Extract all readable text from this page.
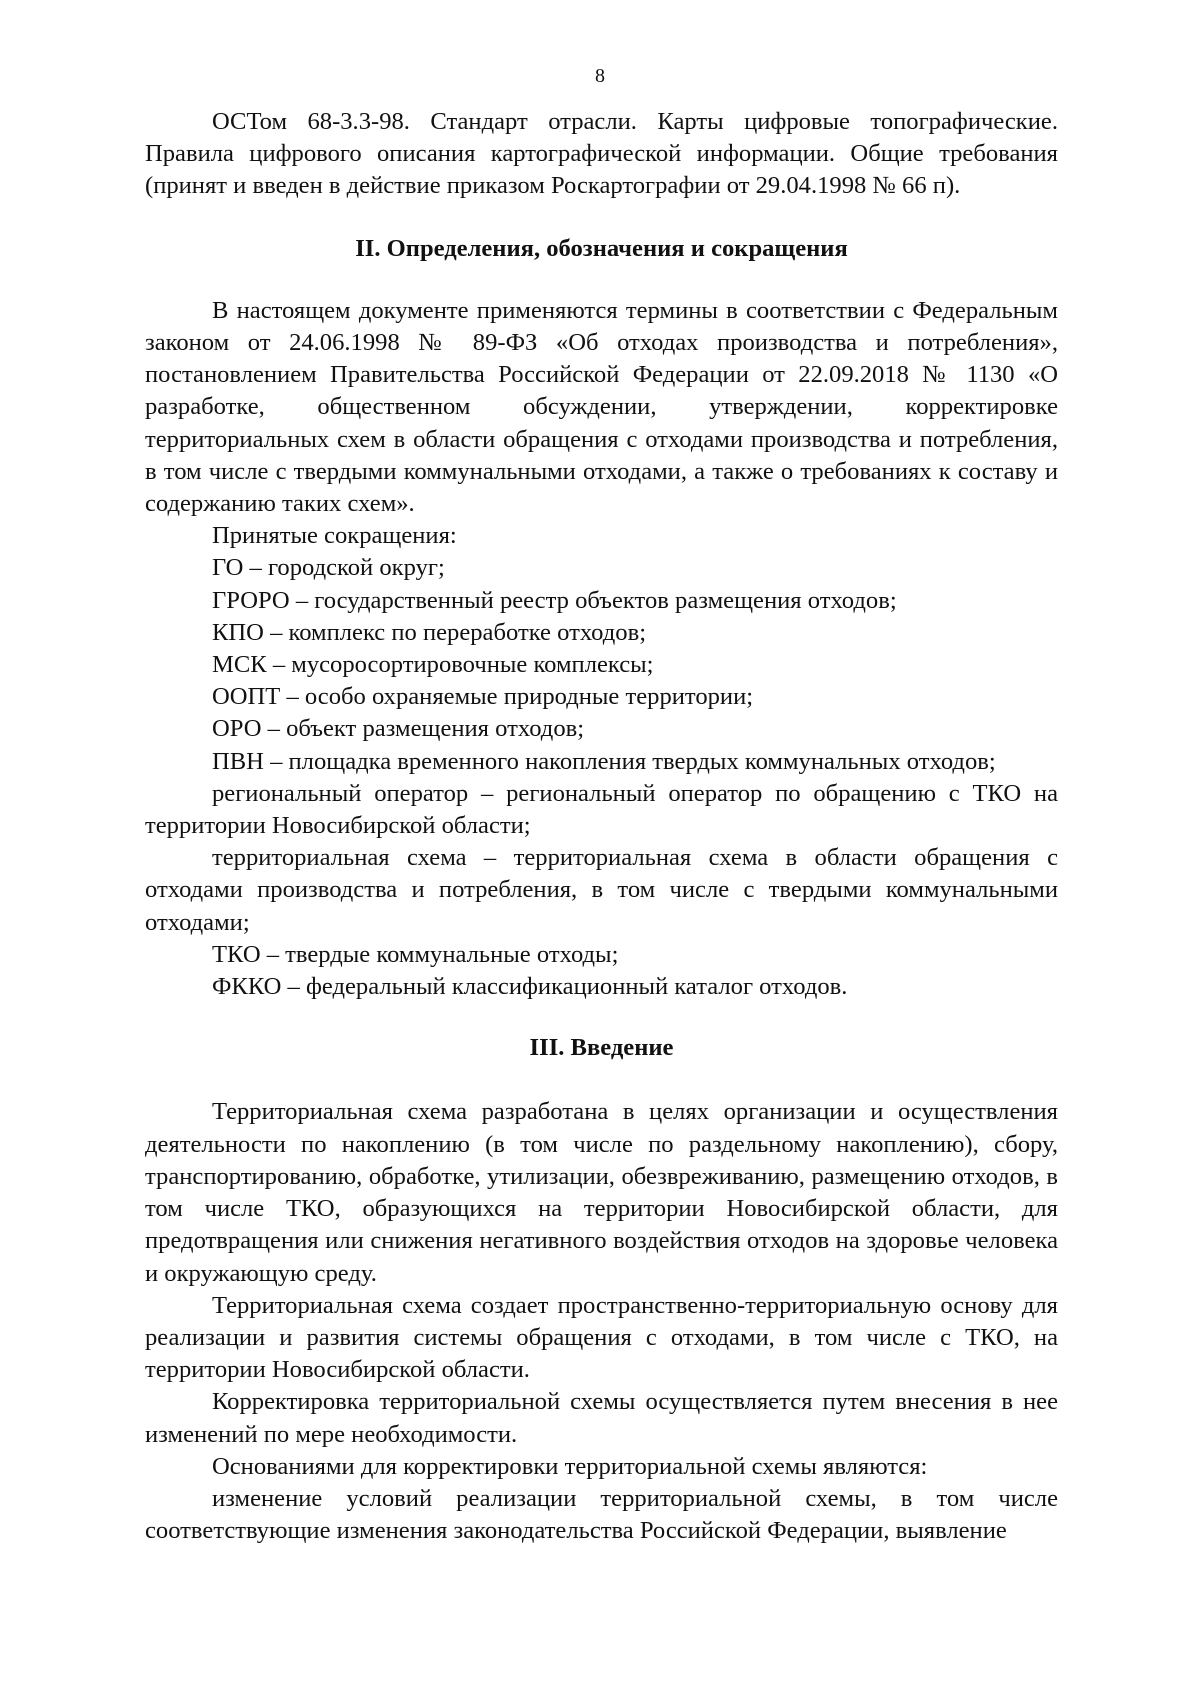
8

ОСТом 68-3.3-98. Стандарт отрасли. Карты цифровые топографические. Правила цифрового описания картографической информации. Общие требования (принят и введен в действие приказом Роскартографии от 29.04.1998 № 66 п).

II. Определения, обозначения и сокращения

В настоящем документе применяются термины в соответствии с Федеральным законом от 24.06.1998 № 89-ФЗ «Об отходах производства и потребления», постановлением Правительства Российской Федерации от 22.09.2018 № 1130 «О разработке, общественном обсуждении, утверждении, корректировке территориальных схем в области обращения с отходами производства и потребления, в том числе с твердыми коммунальными отходами, а также о требованиях к составу и содержанию таких схем».

Принятые сокращения:

ГО – городской округ;

ГРОРО – государственный реестр объектов размещения отходов;

КПО – комплекс по переработке отходов;

МСК – мусоросортировочные комплексы;

ООПТ – особо охраняемые природные территории;

ОРО – объект размещения отходов;

ПВН – площадка временного накопления твердых коммунальных отходов;

региональный оператор – региональный оператор по обращению с ТКО на территории Новосибирской области;

территориальная схема – территориальная схема в области обращения с отходами производства и потребления, в том числе с твердыми коммунальными отходами;

ТКО – твердые коммунальные отходы;

ФККО – федеральный классификационный каталог отходов.

III. Введение

Территориальная схема разработана в целях организации и осуществления деятельности по накоплению (в том числе по раздельному накоплению), сбору, транспортированию, обработке, утилизации, обезвреживанию, размещению отходов, в том числе ТКО, образующихся на территории Новосибирской области, для предотвращения или снижения негативного воздействия отходов на здоровье человека и окружающую среду.

Территориальная схема создает пространственно-территориальную основу для реализации и развития системы обращения с отходами, в том числе с ТКО, на территории Новосибирской области.

Корректировка территориальной схемы осуществляется путем внесения в нее изменений по мере необходимости.

Основаниями для корректировки территориальной схемы являются:

изменение условий реализации территориальной схемы, в том числе соответствующие изменения законодательства Российской Федерации, выявление
